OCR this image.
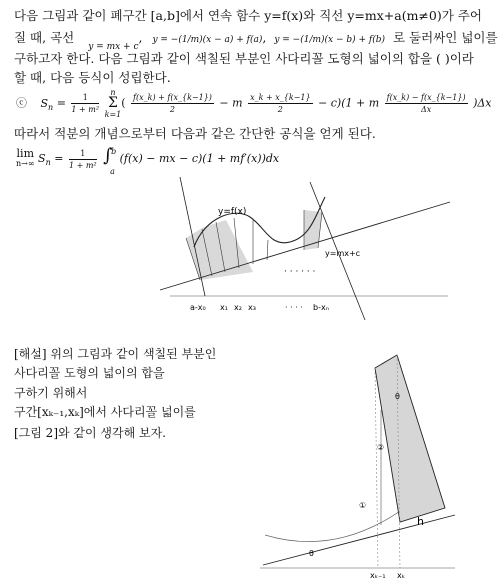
다음 그림과 같이 폐구간 [a,b]에서 연속 함수 y=f(x)와 직선 y=mx+a(m≠0)가 주어
질 때, 곡선 $_{y = mx + c}$, y = −(1/m)(x − a) + f(a), y = −(1/m)(x − b) + f(b) 로 둘러싸인 넓이를
구하고자 한다. 다음 그림과 같이 색칠된 부분인 사다리꼴 도형의 넓이의 합을 ( )이라
할 때, 다음 등식이 성립한다.
ⓒ $S_n = \frac{1}{\text{1 + m²}}$
	n
Σ
k=1
( $\frac{f(x\_k) + f(x\_\{k-1\})}{2} - m \frac{x\_k + x\_\{k-1\}}{2} - c)(1 + m \frac{f(x\_k) - f(x\_\{k-1\})}{\Delta x} )\Delta x$
따라서 적분의 개념으로부터 다음과 같은 간단한 공식을 얻게 된다.
lim
n→∞ $S_n = \frac{1}{\text{1 + m²}}$
∫
b
a
(f(x) − mx − c)(1 + mf′(x))dx
y=f(x)
y=mx+c
· · · · · ·
a-x₀ x₁ x₂ x₃	· · · · b-xₙ
[해설] 위의 그림과 같이 색칠된 부분인
사다리꼴 도형의 넓이의 합을
구하기 위해서
구간[xₖ₋₁,xₖ]에서 사다리꼴 넓이를
[그림 2]와 같이 생각해 보자.
θ
②
①
θ
h
xₖ₋₁ xₖ
